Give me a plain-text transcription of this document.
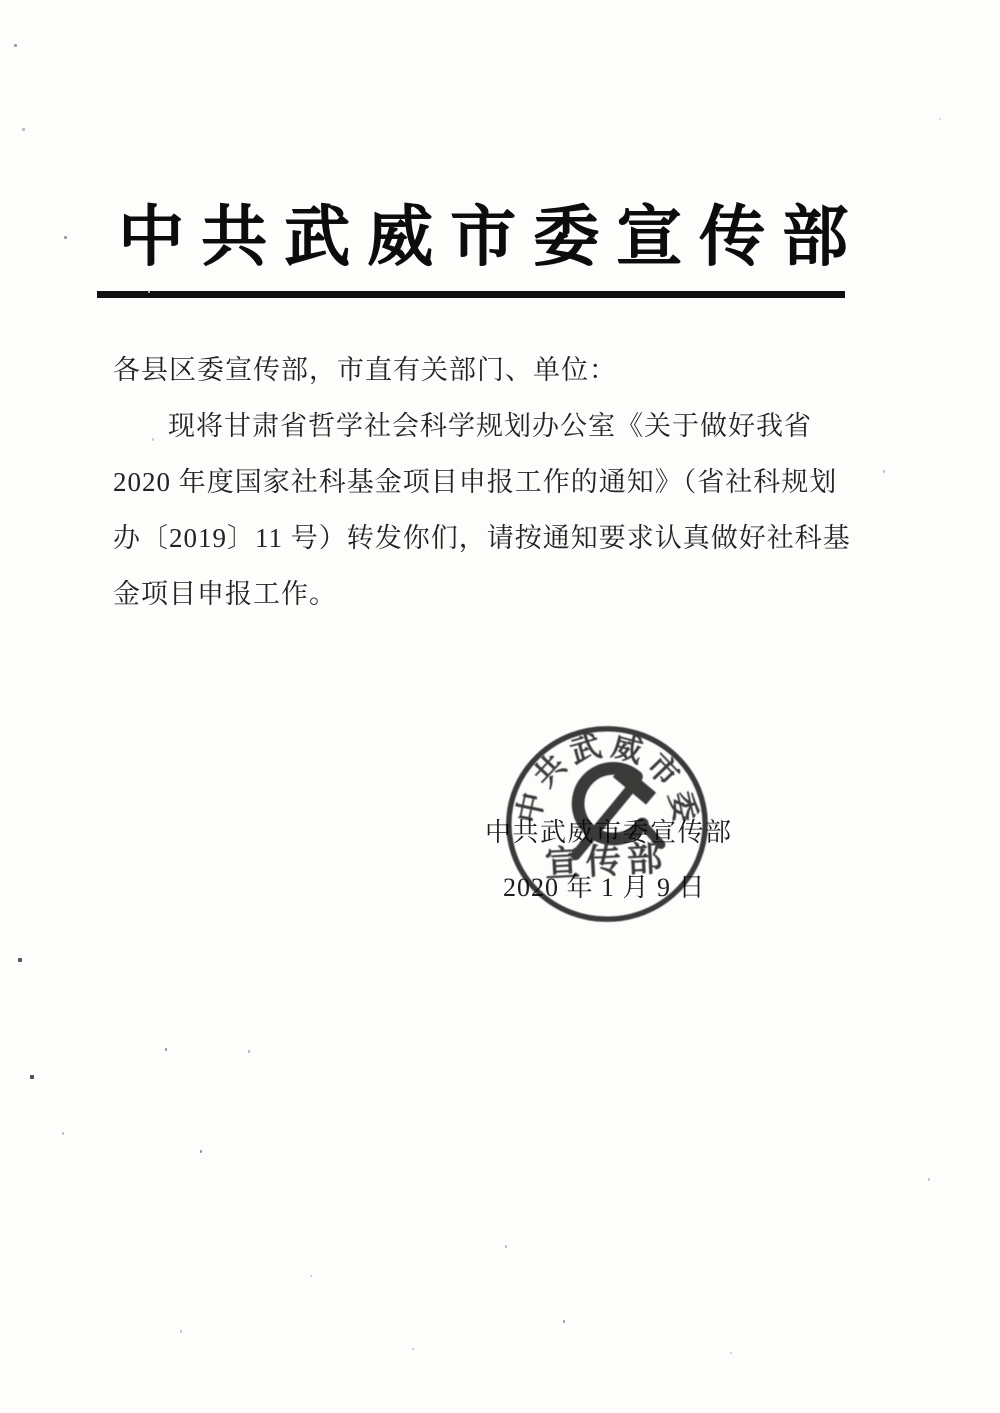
中共武威市委宣传部

各县区委宣传部，市直有关部门、单位：

现将甘肃省哲学社会科学规划办公室《关于做好我省

2020 年度国家社科基金项目申报工作的通知》（省社科规划

办〔2019〕11 号）转发你们，请按通知要求认真做好社科基

金项目申报工作。

中共武威市委宣传部
2020 年 1 月 9 日
中
共
武 威
市
委
宣传部
